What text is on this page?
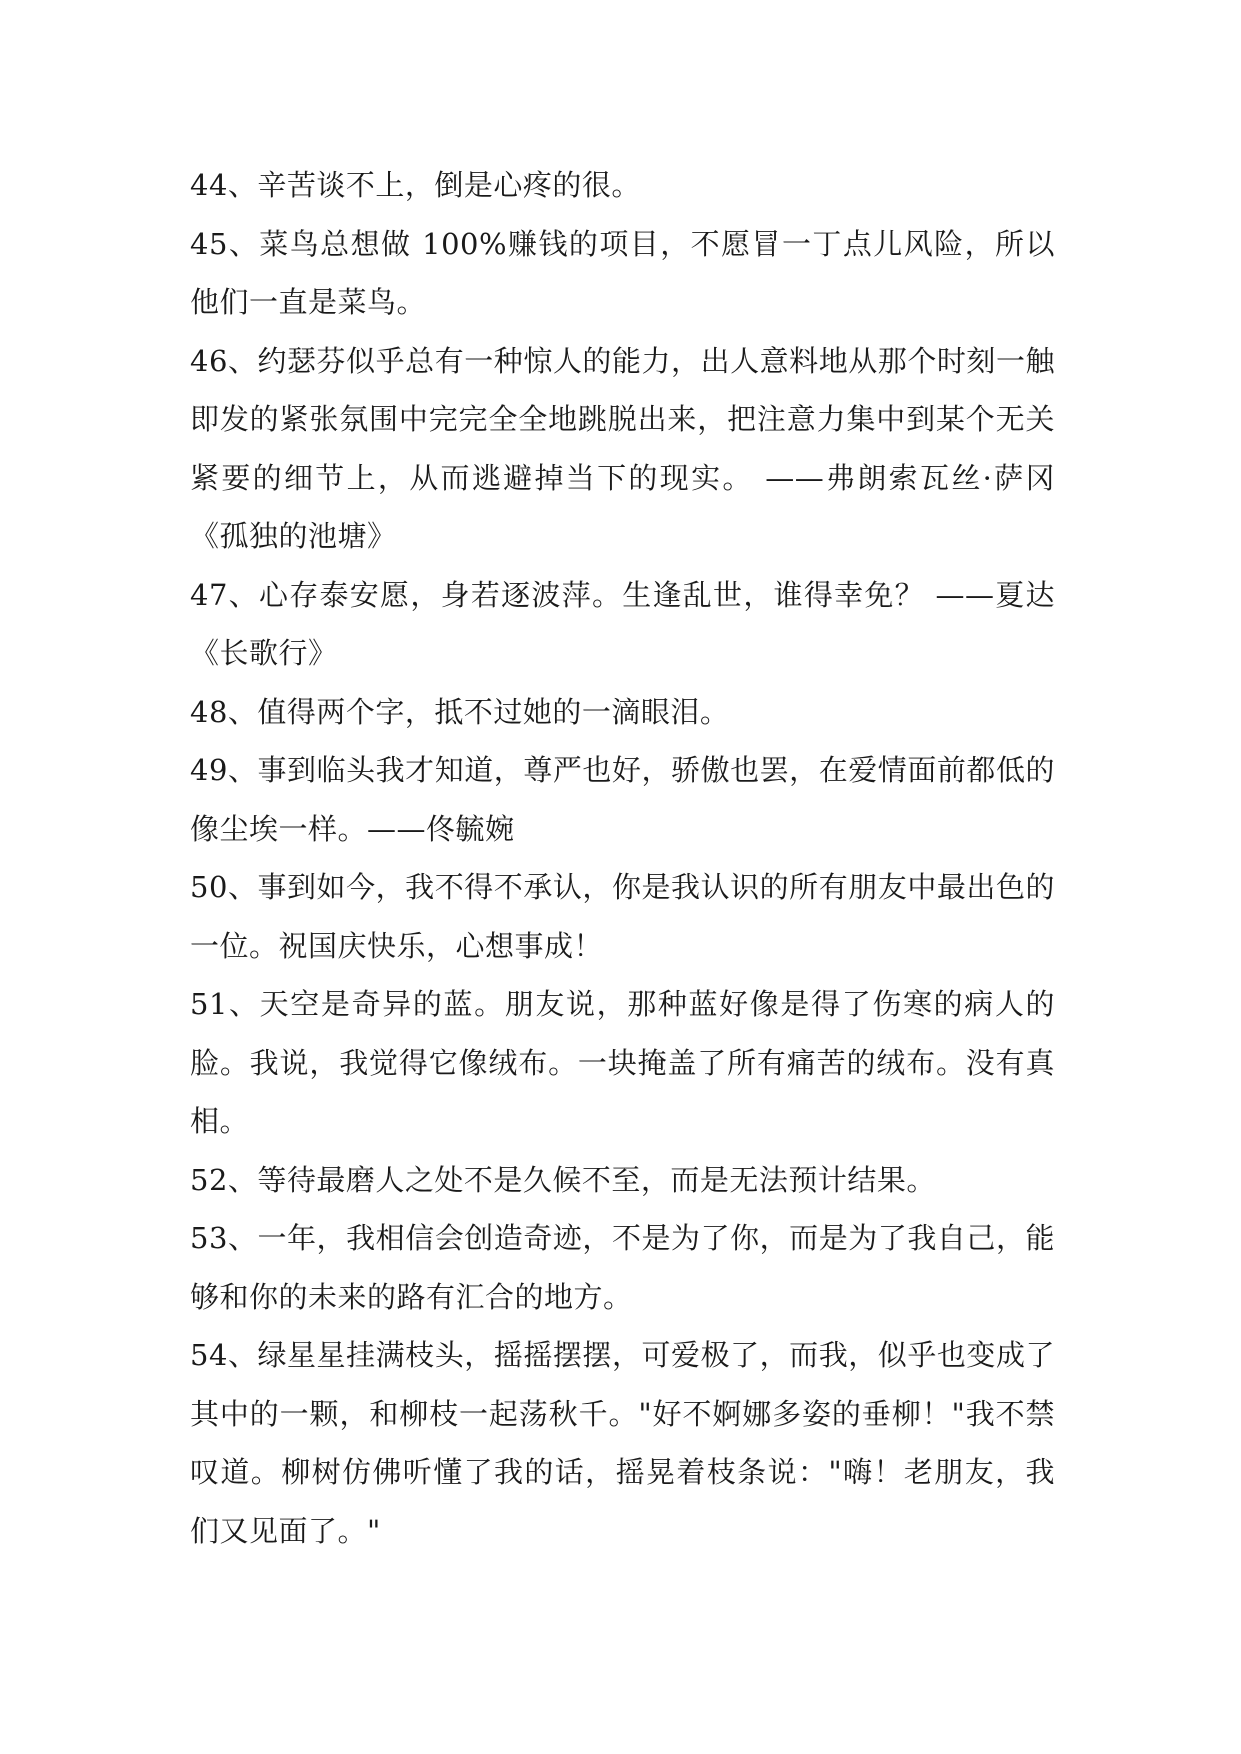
44、辛苦谈不上，倒是心疼的很。

45、菜鸟总想做 100%赚钱的项目，不愿冒一丁点儿风险，所以他们一直是菜鸟。

46、约瑟芬似乎总有一种惊人的能力，出人意料地从那个时刻一触即发的紧张氛围中完完全全地跳脱出来，把注意力集中到某个无关紧要的细节上，从而逃避掉当下的现实。 ——弗朗索瓦丝·萨冈 《孤独的池塘》

47、心存泰安愿，身若逐波萍。生逢乱世，谁得幸免？ ——夏达 《长歌行》

48、值得两个字，抵不过她的一滴眼泪。

49、事到临头我才知道，尊严也好，骄傲也罢，在爱情面前都低的像尘埃一样。——佟毓婉

50、事到如今，我不得不承认，你是我认识的所有朋友中最出色的一位。祝国庆快乐，心想事成！

51、天空是奇异的蓝。朋友说，那种蓝好像是得了伤寒的病人的脸。我说，我觉得它像绒布。一块掩盖了所有痛苦的绒布。没有真相。

52、等待最磨人之处不是久候不至，而是无法预计结果。

53、一年，我相信会创造奇迹，不是为了你，而是为了我自己，能够和你的未来的路有汇合的地方。

54、绿星星挂满枝头，摇摇摆摆，可爱极了，而我，似乎也变成了其中的一颗，和柳枝一起荡秋千。"好不婀娜多姿的垂柳！"我不禁叹道。柳树仿佛听懂了我的话，摇晃着枝条说："嗨！老朋友，我们又见面了。"
